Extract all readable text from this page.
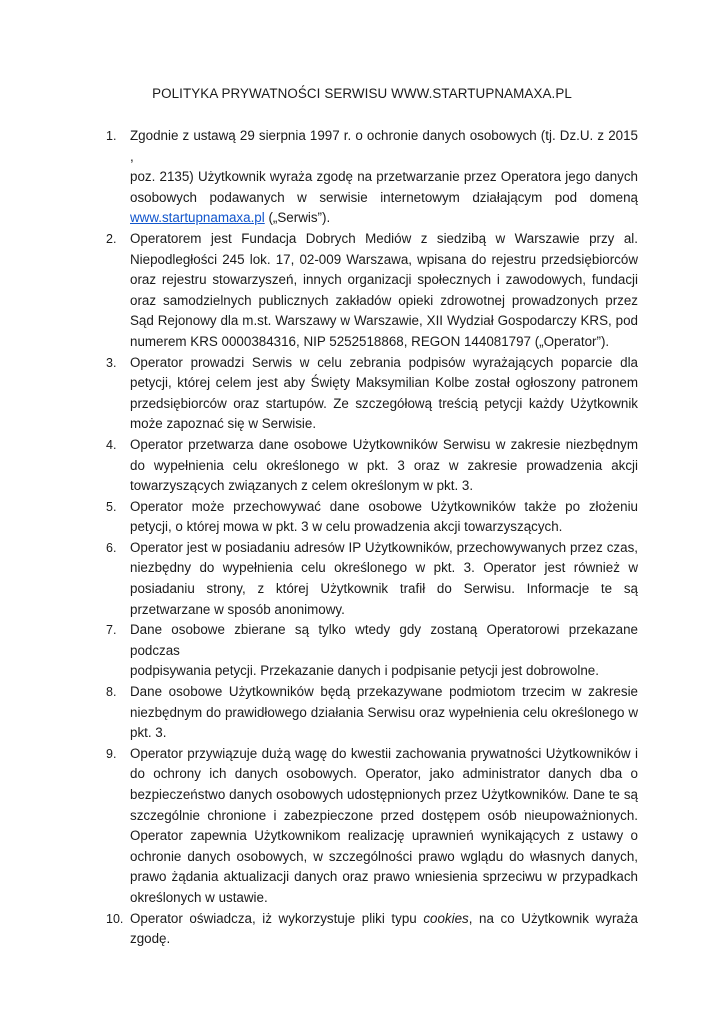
POLITYKA PRYWATNOŚCI SERWISU WWW.STARTUPNAMAXA.PL
1.	Zgodnie z ustawą 29 sierpnia 1997 r. o ochronie danych osobowych (tj. Dz.U. z 2015 ,
poz. 2135) Użytkownik wyraża zgodę na przetwarzanie przez Operatora jego danych
osobowych podawanych w serwisie internetowym działającym pod domeną
www.startupnamaxa.pl („Serwis”).
2.	Operatorem jest Fundacja Dobrych Mediów z siedzibą w Warszawie przy al.
Niepodległości 245 lok. 17, 02-009 Warszawa, wpisana do rejestru przedsiębiorców
oraz rejestru stowarzyszeń, innych organizacji społecznych i zawodowych, fundacji
oraz samodzielnych publicznych zakładów opieki zdrowotnej prowadzonych przez
Sąd Rejonowy dla m.st. Warszawy w Warszawie, XII Wydział Gospodarczy KRS, pod
numerem KRS 0000384316, NIP 5252518868, REGON 144081797 („Operator”).
3.	Operator prowadzi Serwis w celu zebrania podpisów wyrażających poparcie dla
petycji, której celem jest aby Święty Maksymilian Kolbe został ogłoszony patronem
przedsiębiorców oraz startupów. Ze szczegółową treścią petycji każdy Użytkownik
może zapoznać się w Serwisie.
4.	Operator przetwarza dane osobowe Użytkowników Serwisu w zakresie niezbędnym
do wypełnienia celu określonego w pkt. 3 oraz w zakresie prowadzenia akcji
towarzyszących związanych z celem określonym w pkt. 3.
5.	Operator może przechowywać dane osobowe Użytkowników także po złożeniu
petycji, o której mowa w pkt. 3 w celu prowadzenia akcji towarzyszących.
6.	Operator jest w posiadaniu adresów IP Użytkowników, przechowywanych przez czas,
niezbędny do wypełnienia celu określonego w pkt. 3. Operator jest również w
posiadaniu strony, z której Użytkownik trafił do Serwisu. Informacje te są
przetwarzane w sposób anonimowy.
7.	Dane osobowe zbierane są tylko wtedy gdy zostaną Operatorowi przekazane podczas
podpisywania petycji. Przekazanie danych i podpisanie petycji jest dobrowolne.
8.	Dane osobowe Użytkowników będą przekazywane podmiotom trzecim w zakresie
niezbędnym do prawidłowego działania Serwisu oraz wypełnienia celu określonego w
pkt. 3.
9.	Operator przywiązuje dużą wagę do kwestii zachowania prywatności Użytkowników i
do ochrony ich danych osobowych. Operator, jako administrator danych dba o
bezpieczeństwo danych osobowych udostępnionych przez Użytkowników. Dane te są
szczególnie chronione i zabezpieczone przed dostępem osób nieupoważnionych.
Operator zapewnia Użytkownikom realizację uprawnień wynikających z ustawy o
ochronie danych osobowych, w szczególności prawo wglądu do własnych danych,
prawo żądania aktualizacji danych oraz prawo wniesienia sprzeciwu w przypadkach
określonych w ustawie.
10. Operator oświadcza, iż wykorzystuje pliki typu cookies, na co Użytkownik wyraża
zgodę.
